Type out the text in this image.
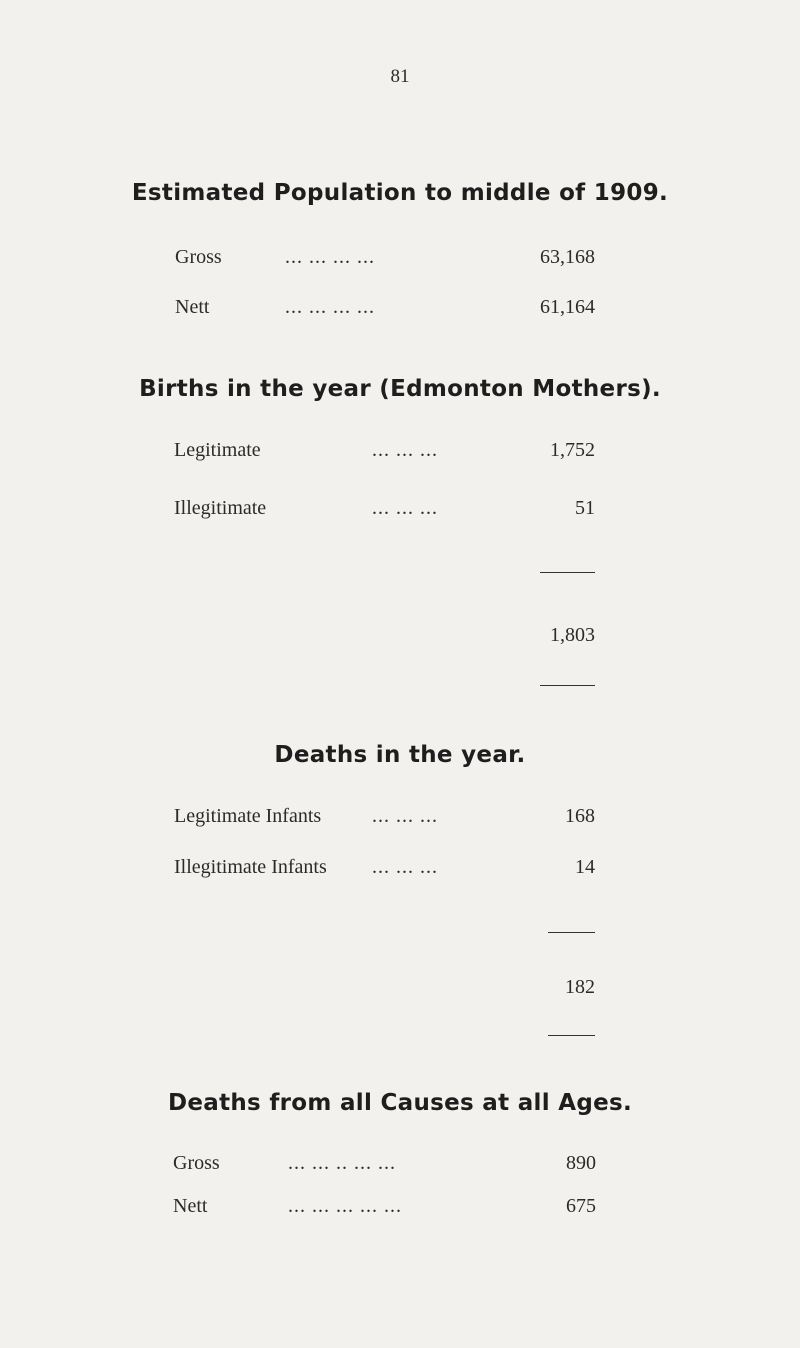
81
Estimated Population to middle of 1909.
Gross	... ... ... ...	63,168
Nett	... ... ... ...	61,164
Births in the year (Edmonton Mothers).
Legitimate	... ... ...	1,752
Illegitimate	... ... ...	51
1,803
Deaths in the year.
Legitimate Infants	... ... ...	168
Illegitimate Infants ... ... ...	14
182
Deaths from all Causes at all Ages.
Gross	... ... .. ... ...	890
Nett	... ... ... ... ...	675
